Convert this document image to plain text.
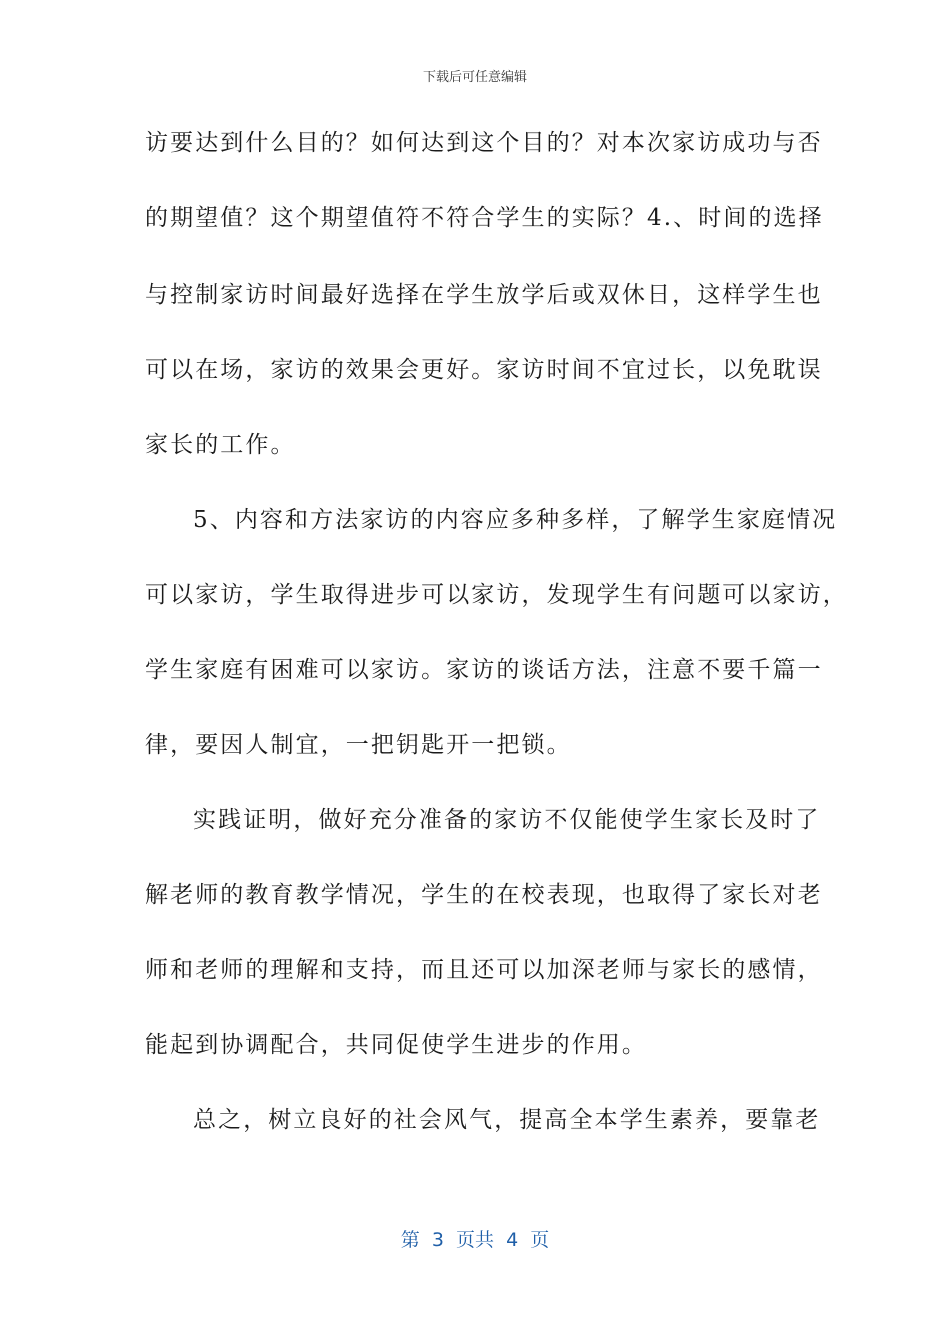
下载后可任意编辑
访要达到什么目的？如何达到这个目的？对本次家访成功与否
的期望值？这个期望值符不符合学生的实际？4.、时间的选择
与控制家访时间最好选择在学生放学后或双休日，这样学生也
可以在场，家访的效果会更好。家访时间不宜过长，以免耽误
家长的工作。
5、内容和方法家访的内容应多种多样，了解学生家庭情况
可以家访，学生取得进步可以家访，发现学生有问题可以家访，
学生家庭有困难可以家访。家访的谈话方法，注意不要千篇一
律，要因人制宜，一把钥匙开一把锁。
实践证明，做好充分准备的家访不仅能使学生家长及时了
解老师的教育教学情况，学生的在校表现，也取得了家长对老
师和老师的理解和支持，而且还可以加深老师与家长的感情，
能起到协调配合，共同促使学生进步的作用。
总之，树立良好的社会风气，提高全本学生素养，要靠老
第  3  页共  4  页
